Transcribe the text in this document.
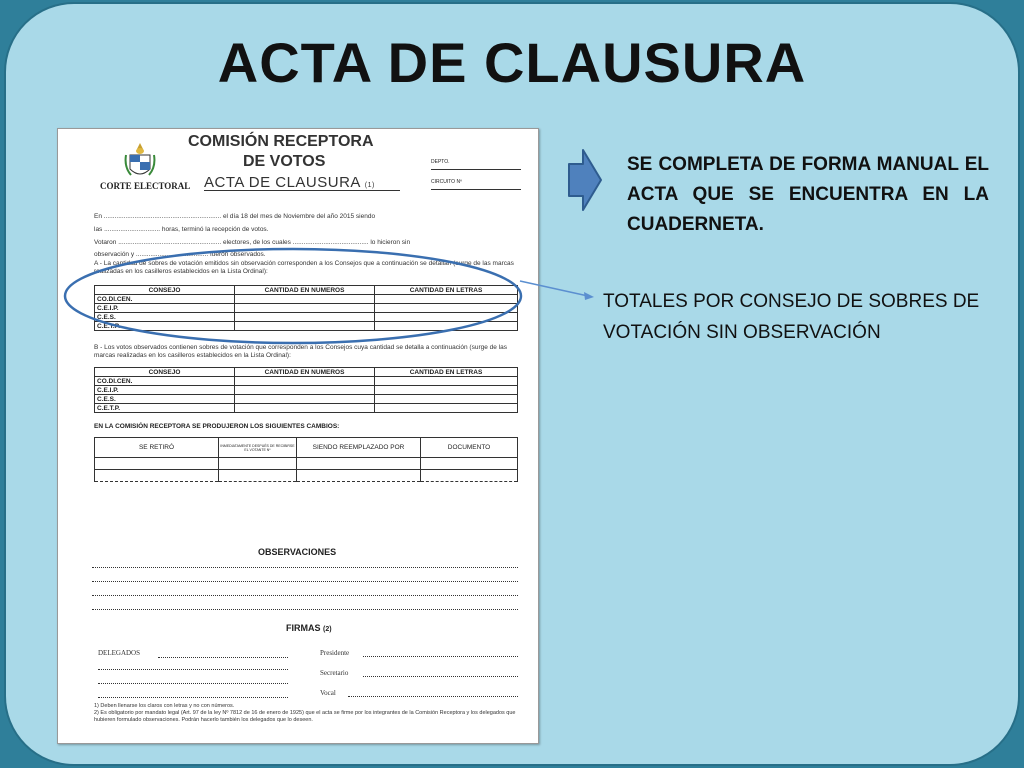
ACTA DE CLAUSURA
CORTE ELECTORAL
COMISIÓN RECEPTORA
DE VOTOS
ACTA DE CLAUSURA (1)
DEPTO.
CIRCUITO Nº
En ................................................................. el día 18 del mes de Noviembre del año 2015 siendo
las ............................... horas, terminó la recepción de votos.
Votaron ......................................................... electores, de los cuales .......................................... lo hicieron sin
observación y ........................................ fueron observados.
A - La cantidad de sobres de votación emitidos sin observación corresponden a los Consejos que a continuación se detallan (surge de las marcas realizadas en los casilleros establecidos en la Lista Ordinal):
CONSEJO	CANTIDAD EN NUMEROS	CANTIDAD EN LETRAS
CO.DI.CEN.		
C.E.I.P.		
C.E.S.		
C.E.T.P.		
B - Los votos observados contienen sobres de votación que corresponden a los Consejos cuya cantidad se detalla a continuación (surge de las marcas realizadas en los casilleros establecidos en la Lista Ordinal):
CONSEJO	CANTIDAD EN NUMEROS	CANTIDAD EN LETRAS
CO.DI.CEN.		
C.E.I.P.		
C.E.S.		
C.E.T.P.		
EN LA COMISIÓN RECEPTORA SE PRODUJERON LOS SIGUIENTES CAMBIOS:
SE RETIRÓ	INMEDIATAMENTE DESPUÉS DE RECIBIRSE EL VOTANTE Nº	SIENDO REEMPLAZADO POR	DOCUMENTO

OBSERVACIONES
FIRMAS (2)
DELEGADOS	Presidente
Secretario
Vocal
1) Deben llenarse los claros con letras y no con números.
2) Es obligatorio por mandato legal (Art. 97 de la ley Nº 7812 de 16 de enero de 1925) que el acta se firme por los integrantes de la Comisión Receptora y los delegados que hubieren formulado observaciones. Podrán hacerlo también los delegados que lo deseen.
SE COMPLETA DE FORMA MANUAL EL ACTA QUE SE ENCUENTRA EN LA CUADERNETA.
TOTALES POR CONSEJO DE SOBRES DE VOTACIÓN SIN OBSERVACIÓN
